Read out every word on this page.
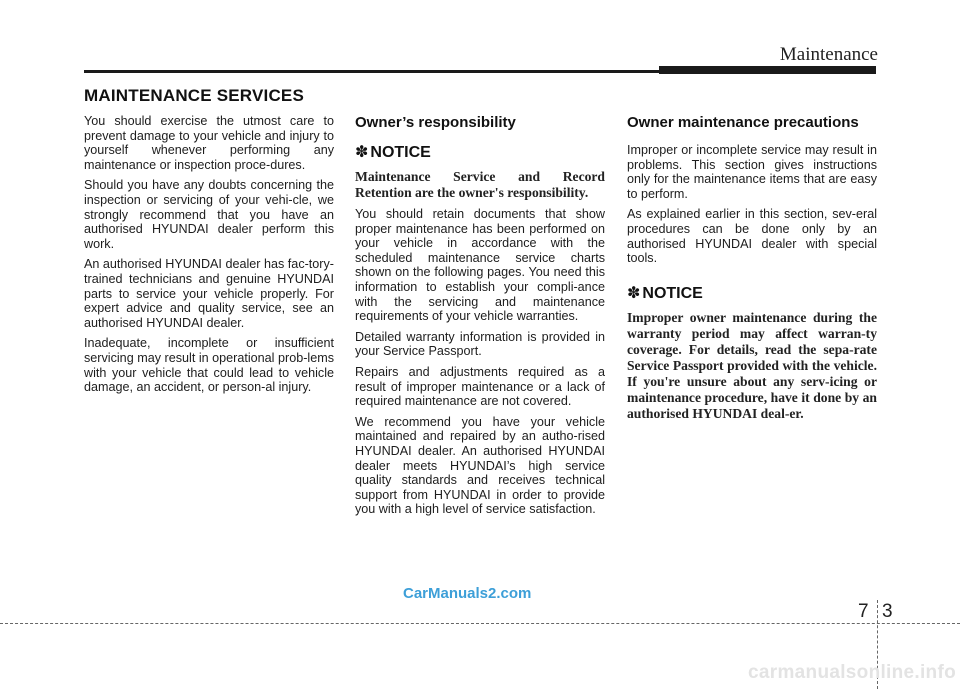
Maintenance
MAINTENANCE SERVICES

You should exercise the utmost care to prevent damage to your vehicle and injury to yourself whenever performing any maintenance or inspection proce-dures.

Should you have any doubts concerning the inspection or servicing of your vehi-cle, we strongly recommend that you have an authorised HYUNDAI dealer perform this work.

An authorised HYUNDAI dealer has fac-tory-trained technicians and genuine HYUNDAI parts to service your vehicle properly. For expert advice and quality service, see an authorised HYUNDAI dealer.

Inadequate, incomplete or insufficient servicing may result in operational prob-lems with your vehicle that could lead to vehicle damage, an accident, or person-al injury.

Owner’s responsibility
✽ NOTICE

Maintenance Service and Record Retention are the owner's responsibility.

You should retain documents that show proper maintenance has been performed on your vehicle in accordance with the scheduled maintenance service charts shown on the following pages. You need this information to establish your compli-ance with the servicing and maintenance requirements of your vehicle warranties.

Detailed warranty information is provided in your Service Passport.

Repairs and adjustments required as a result of improper maintenance or a lack of required maintenance are not covered.

We recommend you have your vehicle maintained and repaired by an autho-rised HYUNDAI dealer. An authorised HYUNDAI dealer meets HYUNDAI’s high service quality standards and receives technical support from HYUNDAI in order to provide you with a high level of service satisfaction.

Owner maintenance precautions

Improper or incomplete service may result in problems. This section gives instructions only for the maintenance items that are easy to perform.

As explained earlier in this section, sev-eral procedures can be done only by an authorised HYUNDAI dealer with special tools.

✽ NOTICE

Improper owner maintenance during the warranty period may affect warran-ty coverage. For details, read the sepa-rate Service Passport provided with the vehicle. If you're unsure about any serv-icing or maintenance procedure, have it done by an authorised HYUNDAI deal-er.

CarManuals2.com
7 3
carmanualsonline.info
